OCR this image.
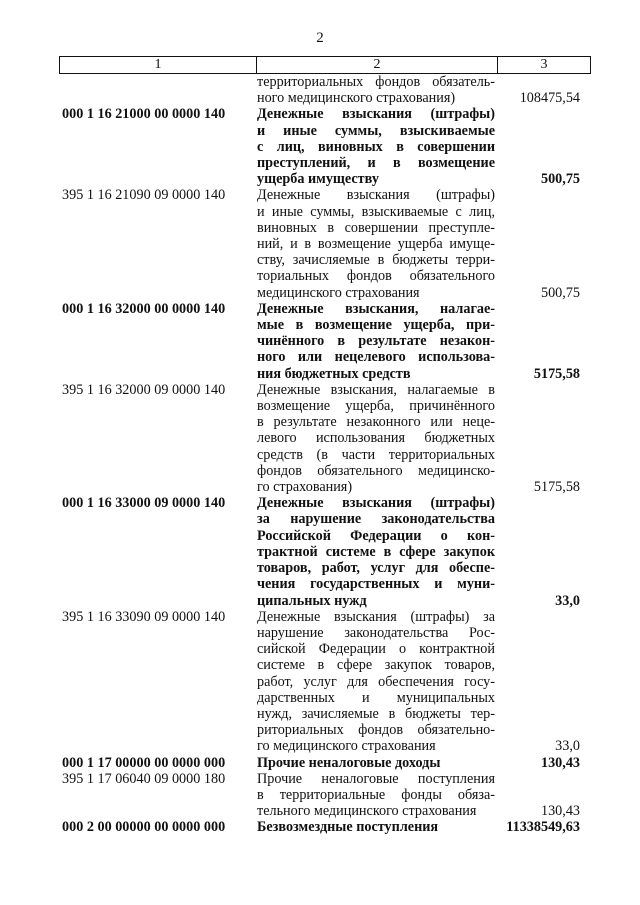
2
1	2	3
территориальных фондов обязатель-
ного медицинского страхования)	108475,54
000 1 16 21000 00 0000 140	Денежные взыскания (штрафы)
и иные суммы, взыскиваемые
с лиц, виновных в совершении
преступлений, и в возмещение
ущерба имуществу	500,75
395 1 16 21090 09 0000 140	Денежные взыскания (штрафы)
и иные суммы, взыскиваемые с лиц,
виновных в совершении преступле-
ний, и в возмещение ущерба имуще-
ству, зачисляемые в бюджеты терри-
ториальных фондов обязательного
медицинского страхования	500,75
000 1 16 32000 00 0000 140	Денежные взыскания, налагае-
мые в возмещение ущерба, при-
чинённого в результате незакон-
ного или нецелевого использова-
ния бюджетных средств	5175,58
395 1 16 32000 09 0000 140	Денежные взыскания, налагаемые в
возмещение ущерба, причинённого
в результате незаконного или неце-
левого использования бюджетных
средств (в части территориальных
фондов обязательного медицинско-
го страхования)	5175,58
000 1 16 33000 09 0000 140	Денежные взыскания (штрафы)
за нарушение законодательства
Российской Федерации о кон-
трактной системе в сфере закупок
товаров, работ, услуг для обеспе-
чения государственных и муни-
ципальных нужд	33,0
395 1 16 33090 09 0000 140	Денежные взыскания (штрафы) за
нарушение законодательства Рос-
сийской Федерации о контрактной
системе в сфере закупок товаров,
работ, услуг для обеспечения госу-
дарственных и муниципальных
нужд, зачисляемые в бюджеты тер-
риториальных фондов обязательно-
го медицинского страхования	33,0
000 1 17 00000 00 0000 000	Прочие неналоговые доходы	130,43
395 1 17 06040 09 0000 180	Прочие неналоговые поступления
в территориальные фонды обяза-
тельного медицинского страхования	130,43
000 2 00 00000 00 0000 000	Безвозмездные поступления	11338549,63
